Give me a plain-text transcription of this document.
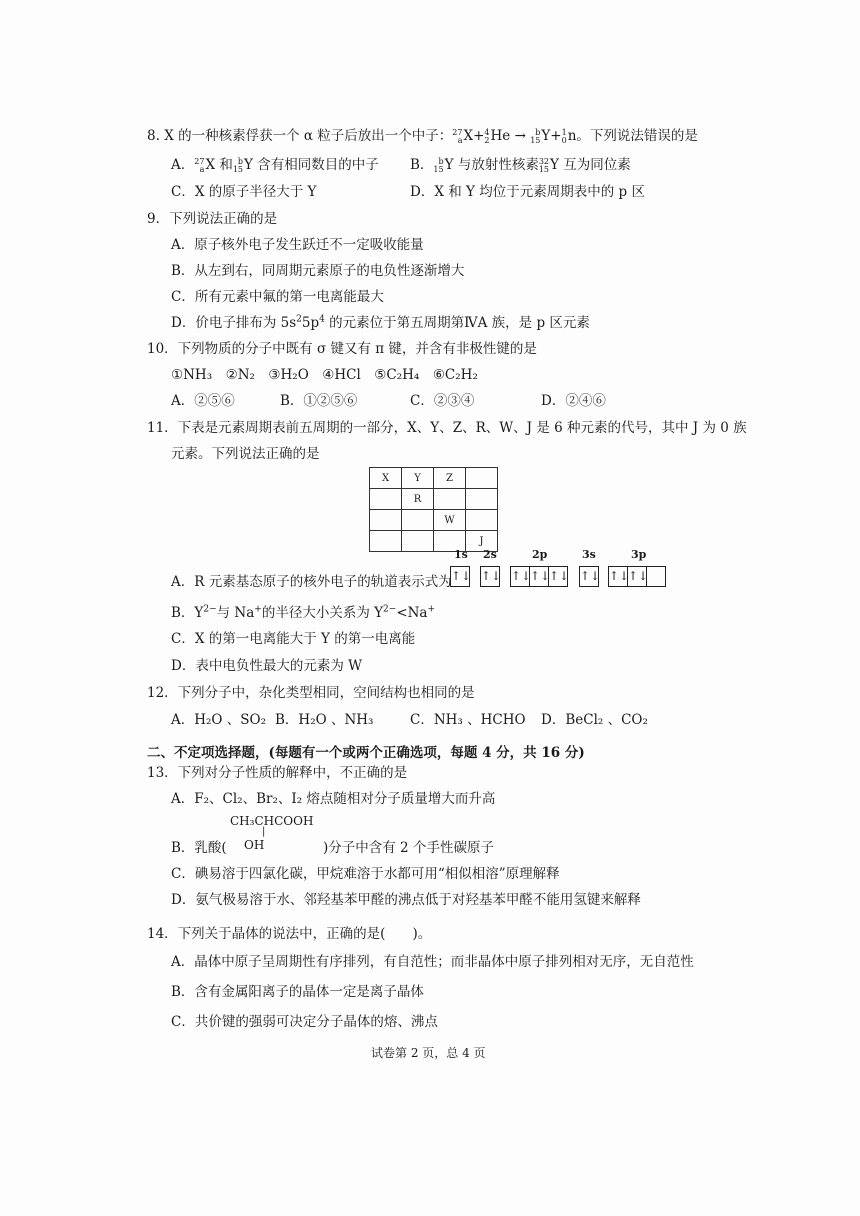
8. X 的一种核素俘获一个 α 粒子后放出一个中子：27
aX+4
2He → b
15Y+1
0n。下列说法错误的是
A．27
aX 和 b
15Y 含有相同数目的中子 B． b
15Y 与放射性核素32
15Y 互为同位素
C．X 的原子半径大于 Y	D．X 和 Y 均位于元素周期表中的 p 区
9．下列说法正确的是
A．原子核外电子发生跃迁不一定吸收能量
B．从左到右，同周期元素原子的电负性逐渐增大
C．所有元素中氟的第一电离能最大
D．价电子排布为 $5s^25p^4$ 的元素位于第五周期第ⅣA 族，是 p 区元素
10．下列物质的分子中既有 σ 键又有 π 键，并含有非极性键的是
①NH₃　②N₂　③H₂O　④HCl　⑤C₂H₄　⑥C₂H₂
A．②⑤⑥	B．①②⑤⑥	C．②③④	D．②④⑥
11．下表是元素周期表前五周期的一部分，X、Y、Z、R、W、J 是 6 种元素的代号，其中 J 为 0 族
元素。下列说法正确的是
X	Y	Z	
	R		
		W	
			J
1s 2s	2p	3s	3p
A．R 元素基态原子的核外电子的轨道表示式为 ↑↓ ↑↓ ↑↓
↑↓
↑↓ ↑↓ ↑↓
↑↓
B．$Y^{2-}$与 Na+的半径大小关系为 $Y^{2-}<Na^+$
C．X 的第一电离能大于 Y 的第一电离能
D．表中电负性最大的元素为 W
12．下列分子中，杂化类型相同，空间结构也相同的是
A．H₂O 、SO₂ B．H₂O 、NH₃	C．NH₃ 、HCHO D．BeCl₂ 、CO₂
二、不定项选择题，(每题有一个或两个正确选项，每题 4 分，共 16 分)
13．下列对分子性质的解释中，不正确的是
A．F₂、Cl₂、Br₂、I₂ 熔点随相对分子质量增大而升高
CH₃CHCOOH
|
OH
B．乳酸(	)分子中含有 2 个手性碳原子
C．碘易溶于四氯化碳，甲烷难溶于水都可用“相似相溶”原理解释
D．氨气极易溶于水、邻羟基苯甲醛的沸点低于对羟基苯甲醛不能用氢键来解释
14．下列关于晶体的说法中，正确的是(　　)。
A．晶体中原子呈周期性有序排列，有自范性；而非晶体中原子排列相对无序，无自范性
B．含有金属阳离子的晶体一定是离子晶体
C．共价键的强弱可决定分子晶体的熔、沸点
试卷第 2 页，总 4 页
